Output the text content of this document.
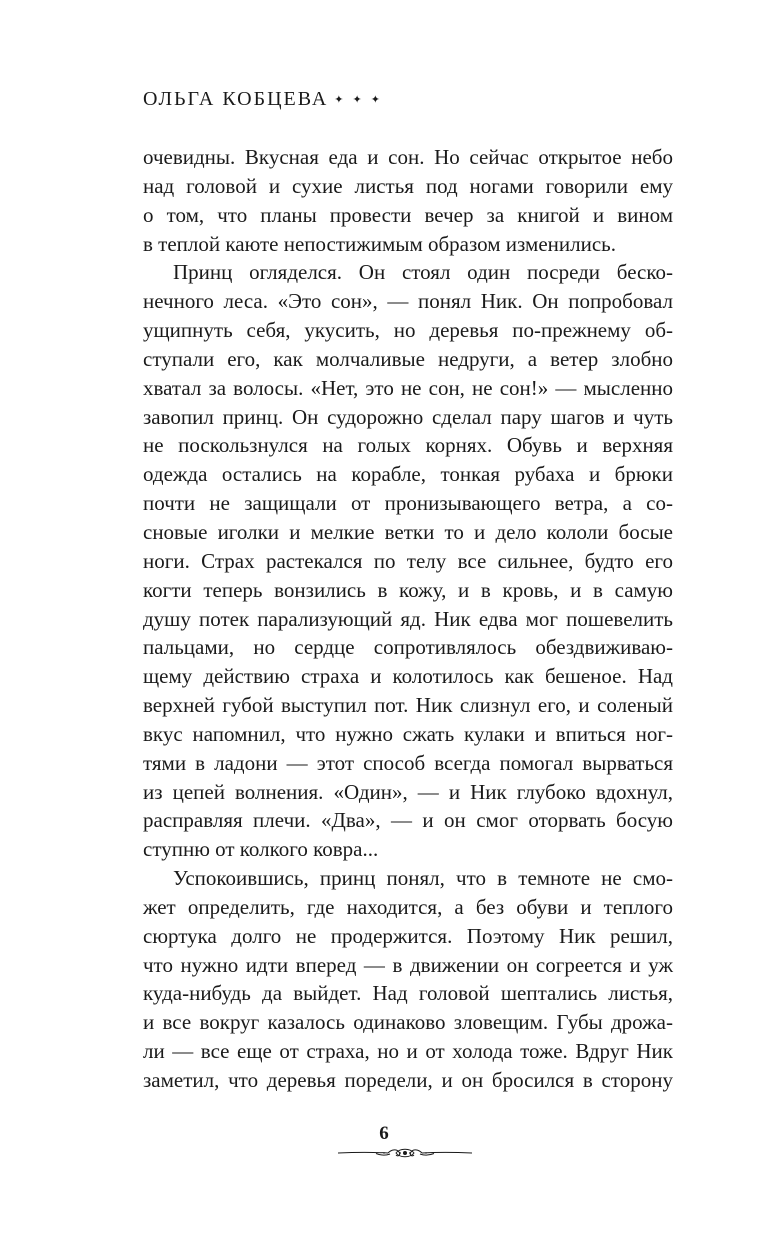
ОЛЬГА КОБЦЕВА ✦✦✦
очевидны. Вкусная еда и сон. Но сейчас открытое небо
над головой и сухие листья под ногами говорили ему
о том, что планы провести вечер за книгой и вином
в теплой каюте непостижимым образом изменились.
Принц огляделся. Он стоял один посреди беско-
нечного леса. «Это сон», — понял Ник. Он попробовал
ущипнуть себя, укусить, но деревья по-прежнему об-
ступали его, как молчаливые недруги, а ветер злобно
хватал за волосы. «Нет, это не сон, не сон!» — мысленно
завопил принц. Он судорожно сделал пару шагов и чуть
не поскользнулся на голых корнях. Обувь и верхняя
одежда остались на корабле, тонкая рубаха и брюки
почти не защищали от пронизывающего ветра, а со-
сновые иголки и мелкие ветки то и дело кололи босые
ноги. Страх растекался по телу все сильнее, будто его
когти теперь вонзились в кожу, и в кровь, и в самую
душу потек парализующий яд. Ник едва мог пошевелить
пальцами, но сердце сопротивлялось обездвиживаю-
щему действию страха и колотилось как бешеное. Над
верхней губой выступил пот. Ник слизнул его, и соленый
вкус напомнил, что нужно сжать кулаки и впиться ног-
тями в ладони — этот способ всегда помогал вырваться
из цепей волнения. «Один», — и Ник глубоко вдохнул,
расправляя плечи. «Два», — и он смог оторвать босую
ступню от колкого ковра...
Успокоившись, принц понял, что в темноте не смо-
жет определить, где находится, а без обуви и теплого
сюртука долго не продержится. Поэтому Ник решил,
что нужно идти вперед — в движении он согреется и уж
куда-нибудь да выйдет. Над головой шептались листья,
и все вокруг казалось одинаково зловещим. Губы дрожа-
ли — все еще от страха, но и от холода тоже. Вдруг Ник
заметил, что деревья поредели, и он бросился в сторону
6
